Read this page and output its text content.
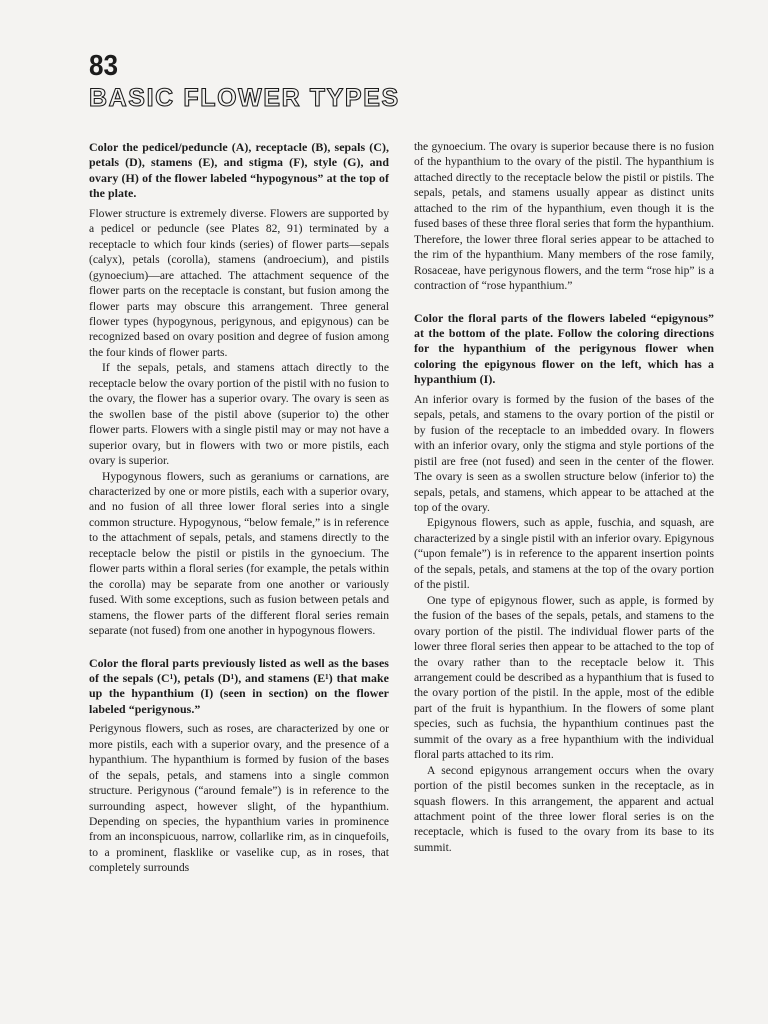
83
BASIC FLOWER TYPES

Color the pedicel/peduncle (A), receptacle (B), sepals (C), petals (D), stamens (E), and stigma (F), style (G), and ovary (H) of the flower labeled “hypogynous” at the top of the plate.

Flower structure is extremely diverse. Flowers are supported by a pedicel or peduncle (see Plates 82, 91) terminated by a receptacle to which four kinds (series) of flower parts—sepals (calyx), petals (corolla), stamens (androecium), and pistils (gynoecium)—are attached. The attachment sequence of the flower parts on the receptacle is constant, but fusion among the flower parts may obscure this arrangement. Three general flower types (hypogynous, perigynous, and epigynous) can be recognized based on ovary position and degree of fusion among the four kinds of flower parts.

If the sepals, petals, and stamens attach directly to the receptacle below the ovary portion of the pistil with no fusion to the ovary, the flower has a superior ovary. The ovary is seen as the swollen base of the pistil above (superior to) the other flower parts. Flowers with a single pistil may or may not have a superior ovary, but in flowers with two or more pistils, each ovary is superior.

Hypogynous flowers, such as geraniums or carnations, are characterized by one or more pistils, each with a superior ovary, and no fusion of all three lower floral series into a single common structure. Hypogynous, “below female,” is in reference to the attachment of sepals, petals, and stamens directly to the receptacle below the pistil or pistils in the gynoecium. The flower parts within a floral series (for example, the petals within the corolla) may be separate from one another or variously fused. With some exceptions, such as fusion between petals and stamens, the flower parts of the different floral series remain separate (not fused) from one another in hypogynous flowers.

Color the floral parts previously listed as well as the bases of the sepals (C¹), petals (D¹), and stamens (E¹) that make up the hypanthium (I) (seen in section) on the flower labeled “perigynous.”

Perigynous flowers, such as roses, are characterized by one or more pistils, each with a superior ovary, and the presence of a hypanthium. The hypanthium is formed by fusion of the bases of the sepals, petals, and stamens into a single common structure. Perigynous (“around female”) is in reference to the surrounding aspect, however slight, of the hypanthium. Depending on species, the hypanthium varies in prominence from an inconspicuous, narrow, collarlike rim, as in cinquefoils, to a prominent, flasklike or vaselike cup, as in roses, that completely surrounds

the gynoecium. The ovary is superior because there is no fusion of the hypanthium to the ovary of the pistil. The hypanthium is attached directly to the receptacle below the pistil or pistils. The sepals, petals, and stamens usually appear as distinct units attached to the rim of the hypanthium, even though it is the fused bases of these three floral series that form the hypanthium. Therefore, the lower three floral series appear to be attached to the rim of the hypanthium. Many members of the rose family, Rosaceae, have perigynous flowers, and the term “rose hip” is a contraction of “rose hypanthium.”

Color the floral parts of the flowers labeled “epigynous” at the bottom of the plate. Follow the coloring directions for the hypanthium of the perigynous flower when coloring the epigynous flower on the left, which has a hypanthium (I).

An inferior ovary is formed by the fusion of the bases of the sepals, petals, and stamens to the ovary portion of the pistil or by fusion of the receptacle to an imbedded ovary. In flowers with an inferior ovary, only the stigma and style portions of the pistil are free (not fused) and seen in the center of the flower. The ovary is seen as a swollen structure below (inferior to) the sepals, petals, and stamens, which appear to be attached at the top of the ovary.

Epigynous flowers, such as apple, fuschia, and squash, are characterized by a single pistil with an inferior ovary. Epigynous (“upon female”) is in reference to the apparent insertion points of the sepals, petals, and stamens at the top of the ovary portion of the pistil.

One type of epigynous flower, such as apple, is formed by the fusion of the bases of the sepals, petals, and stamens to the ovary portion of the pistil. The individual flower parts of the lower three floral series then appear to be attached to the top of the ovary rather than to the receptacle below it. This arrangement could be described as a hypanthium that is fused to the ovary portion of the pistil. In the apple, most of the edible part of the fruit is hypanthium. In the flowers of some plant species, such as fuchsia, the hypanthium continues past the summit of the ovary as a free hypanthium with the individual floral parts attached to its rim.

A second epigynous arrangement occurs when the ovary portion of the pistil becomes sunken in the receptacle, as in squash flowers. In this arrangement, the apparent and actual attachment point of the three lower floral series is on the receptacle, which is fused to the ovary from its base to its summit.
